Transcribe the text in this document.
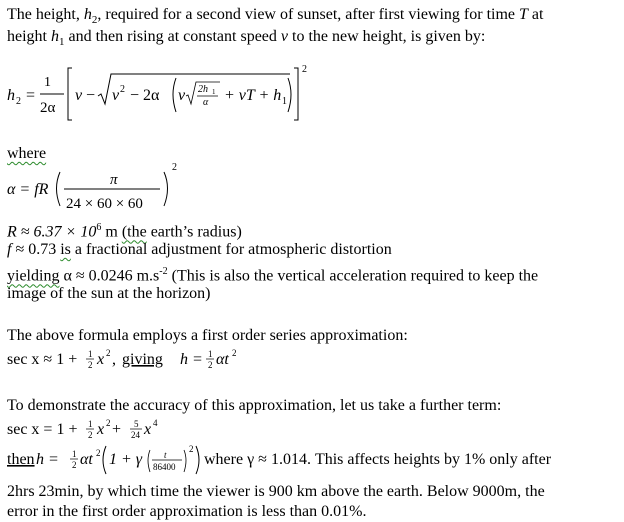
The height, $h_2$, required for a second view of sunset, after first viewing for time T at
height $h_1$ and then rising at constant speed v to the new height, is given by:
h 2 =
1
2α
v − v 2 − 2α v 2h 1
α + vT + h 1
2
where
α = fR
π
24 × 60 × 60
2
$R \approx 6.37 \times 10^6$ m (the earth’s radius)
f ≈ 0.73 is a fractional adjustment for atmospheric distortion
yielding α ≈ 0.0246 $m.s^{-2}$ (This is also the vertical acceleration required to keep the
image of the sun at the horizon)
The above formula employs a first order series approximation:
sec x ≈ 1 + 1
2 x 2 , giving h = 1
2 αt 2
To demonstrate the accuracy of this approximation, let us take a further term:
sec x = 1 + 1
2 x 2 + 5
24 x 4
then h = 1
2 αt 2 1 + γ t
86400
2
where γ ≈ 1.014. This affects heights by 1% only after
2hrs 23min, by which time the viewer is 900 km above the earth. Below 9000m, the
error in the first order approximation is less than 0.01%.
